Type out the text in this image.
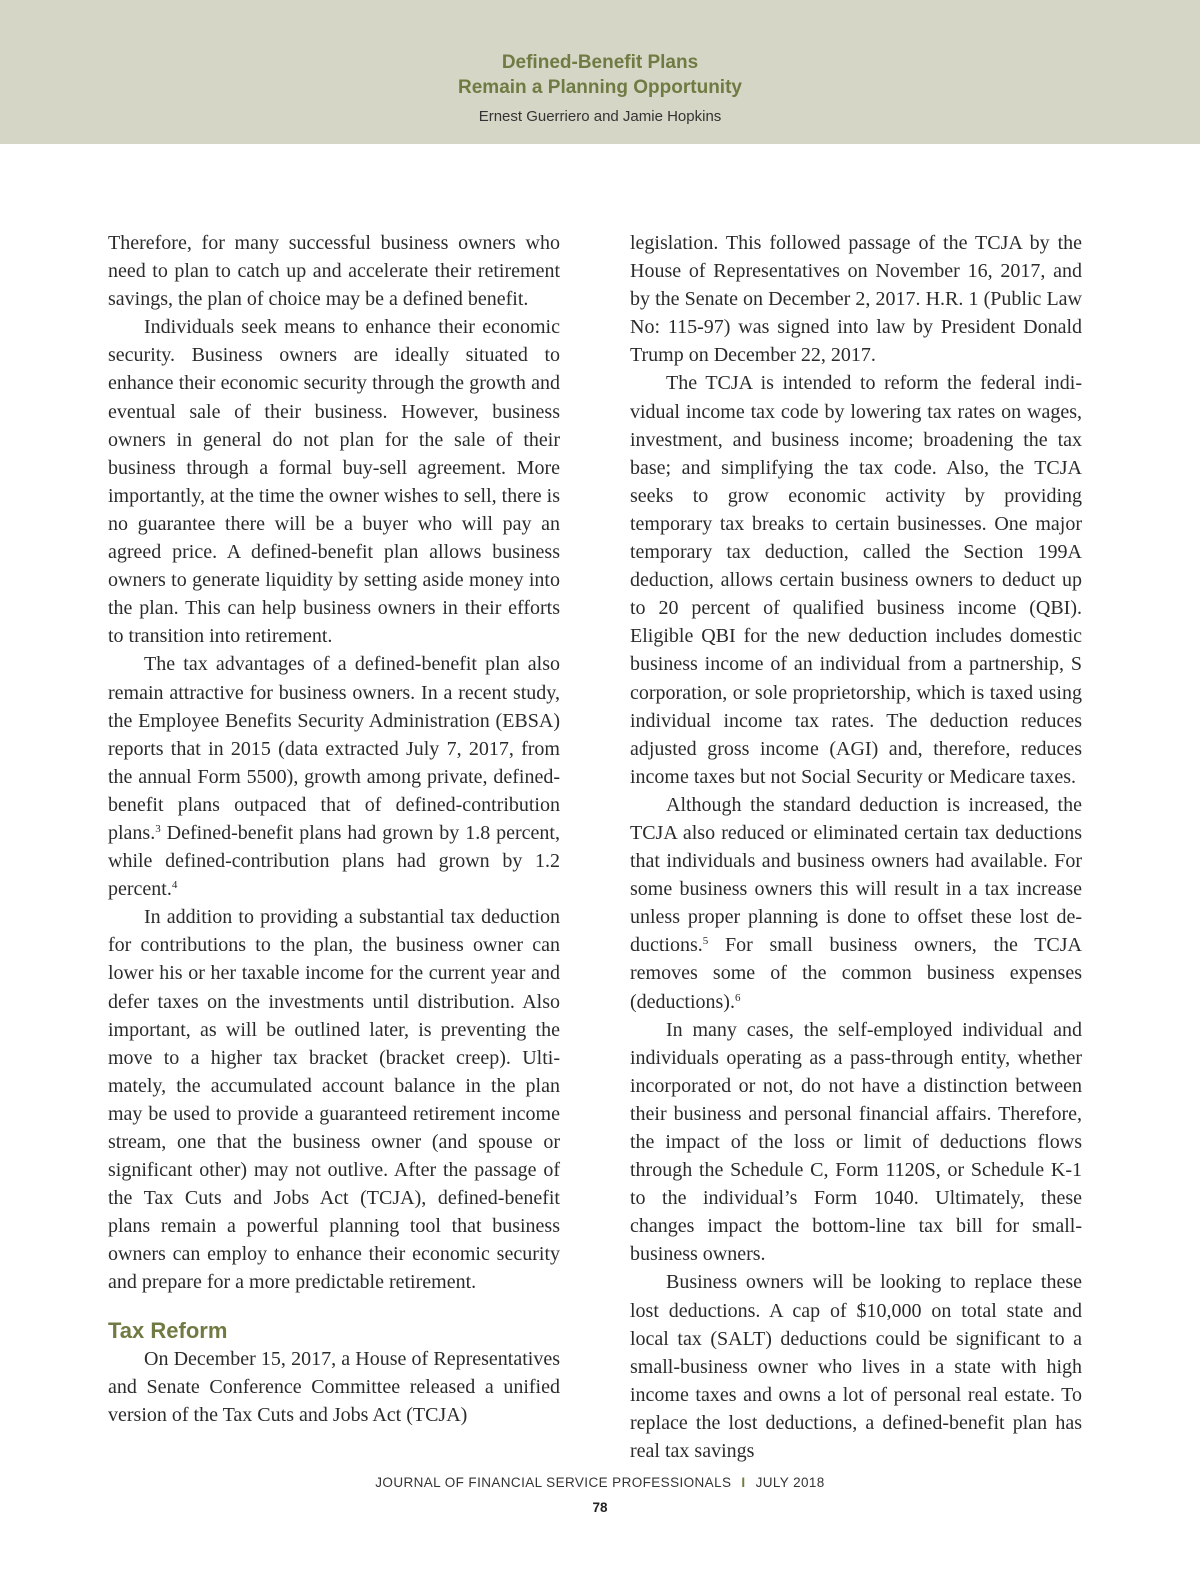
Defined-Benefit Plans
Remain a Planning Opportunity
Ernest Guerriero and Jamie Hopkins

Therefore, for many successful business owners who need to plan to catch up and accelerate their retirement savings, the plan of choice may be a defined benefit.

Individuals seek means to enhance their economic security. Business owners are ideally situated to enhance their economic security through the growth and eventual sale of their business. However, business owners in general do not plan for the sale of their business through a formal buy-sell agreement. More importantly, at the time the owner wishes to sell, there is no guarantee there will be a buyer who will pay an agreed price. A defined-benefit plan allows business owners to generate liquidity by setting aside money into the plan. This can help business owners in their efforts to transition into retirement.

The tax advantages of a defined-benefit plan also remain attractive for business owners. In a recent study, the Employee Benefits Security Administration (EBSA) reports that in 2015 (data extracted July 7, 2017, from the annual Form 5500), growth among private, defined-benefit plans outpaced that of defined-contribution plans.$^3$ Defined-benefit plans had grown by 1.8 percent, while defined-contribution plans had grown by 1.2 percent.$^4$

In addition to providing a substantial tax deduction for contributions to the plan, the business owner can lower his or her taxable income for the current year and defer taxes on the investments until distribution. Also important, as will be outlined later, is preventing the move to a higher tax bracket (bracket creep). Ultimately, the accumulated account balance in the plan may be used to provide a guaranteed retirement income stream, one that the business owner (and spouse or significant other) may not outlive. After the passage of the Tax Cuts and Jobs Act (TCJA), defined-benefit plans remain a powerful planning tool that business owners can employ to enhance their economic security and prepare for a more predictable retirement.

Tax Reform

On December 15, 2017, a House of Representatives and Senate Conference Committee released a unified version of the Tax Cuts and Jobs Act (TCJA)

legislation. This followed passage of the TCJA by the House of Representatives on November 16, 2017, and by the Senate on December 2, 2017. H.R. 1 (Public Law No: 115-97) was signed into law by President Donald Trump on December 22, 2017.

The TCJA is intended to reform the federal individual income tax code by lowering tax rates on wages, investment, and business income; broadening the tax base; and simplifying the tax code. Also, the TCJA seeks to grow economic activity by providing temporary tax breaks to certain businesses. One major temporary tax deduction, called the Section 199A deduction, allows certain business owners to deduct up to 20 percent of qualified business income (QBI). Eligible QBI for the new deduction includes domestic business income of an individual from a partnership, S corporation, or sole proprietorship, which is taxed using individual income tax rates. The deduction reduces adjusted gross income (AGI) and, therefore, reduces income taxes but not Social Security or Medicare taxes.

Although the standard deduction is increased, the TCJA also reduced or eliminated certain tax deductions that individuals and business owners had available. For some business owners this will result in a tax increase unless proper planning is done to offset these lost deductions.$^5$ For small business owners, the TCJA removes some of the common business expenses (deductions).$^6$

In many cases, the self-employed individual and individuals operating as a pass-through entity, whether incorporated or not, do not have a distinction between their business and personal financial affairs. Therefore, the impact of the loss or limit of deductions flows through the Schedule C, Form 1120S, or Schedule K-1 to the individual’s Form 1040. Ultimately, these changes impact the bottom-line tax bill for small-business owners.

Business owners will be looking to replace these lost deductions. A cap of $10,000 on total state and local tax (SALT) deductions could be significant to a small-business owner who lives in a state with high income taxes and owns a lot of personal real estate. To replace the lost deductions, a defined-benefit plan has real tax savings

JOURNAL OF FINANCIAL SERVICE PROFESSIONALS I JULY 2018
78
